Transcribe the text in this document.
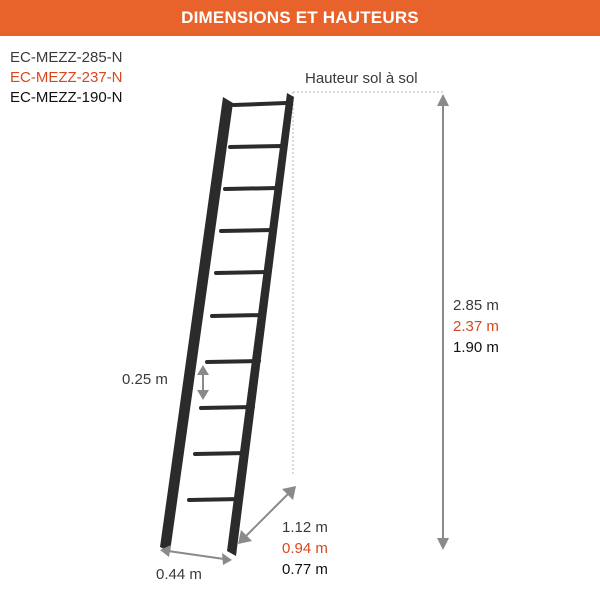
DIMENSIONS ET HAUTEURS
EC-MEZZ-285-N
EC-MEZZ-237-N
EC-MEZZ-190-N
Hauteur sol à sol
2.85 m
2.37 m
1.90 m
0.25 m
1.12 m
0.94 m
0.77 m
0.44 m
